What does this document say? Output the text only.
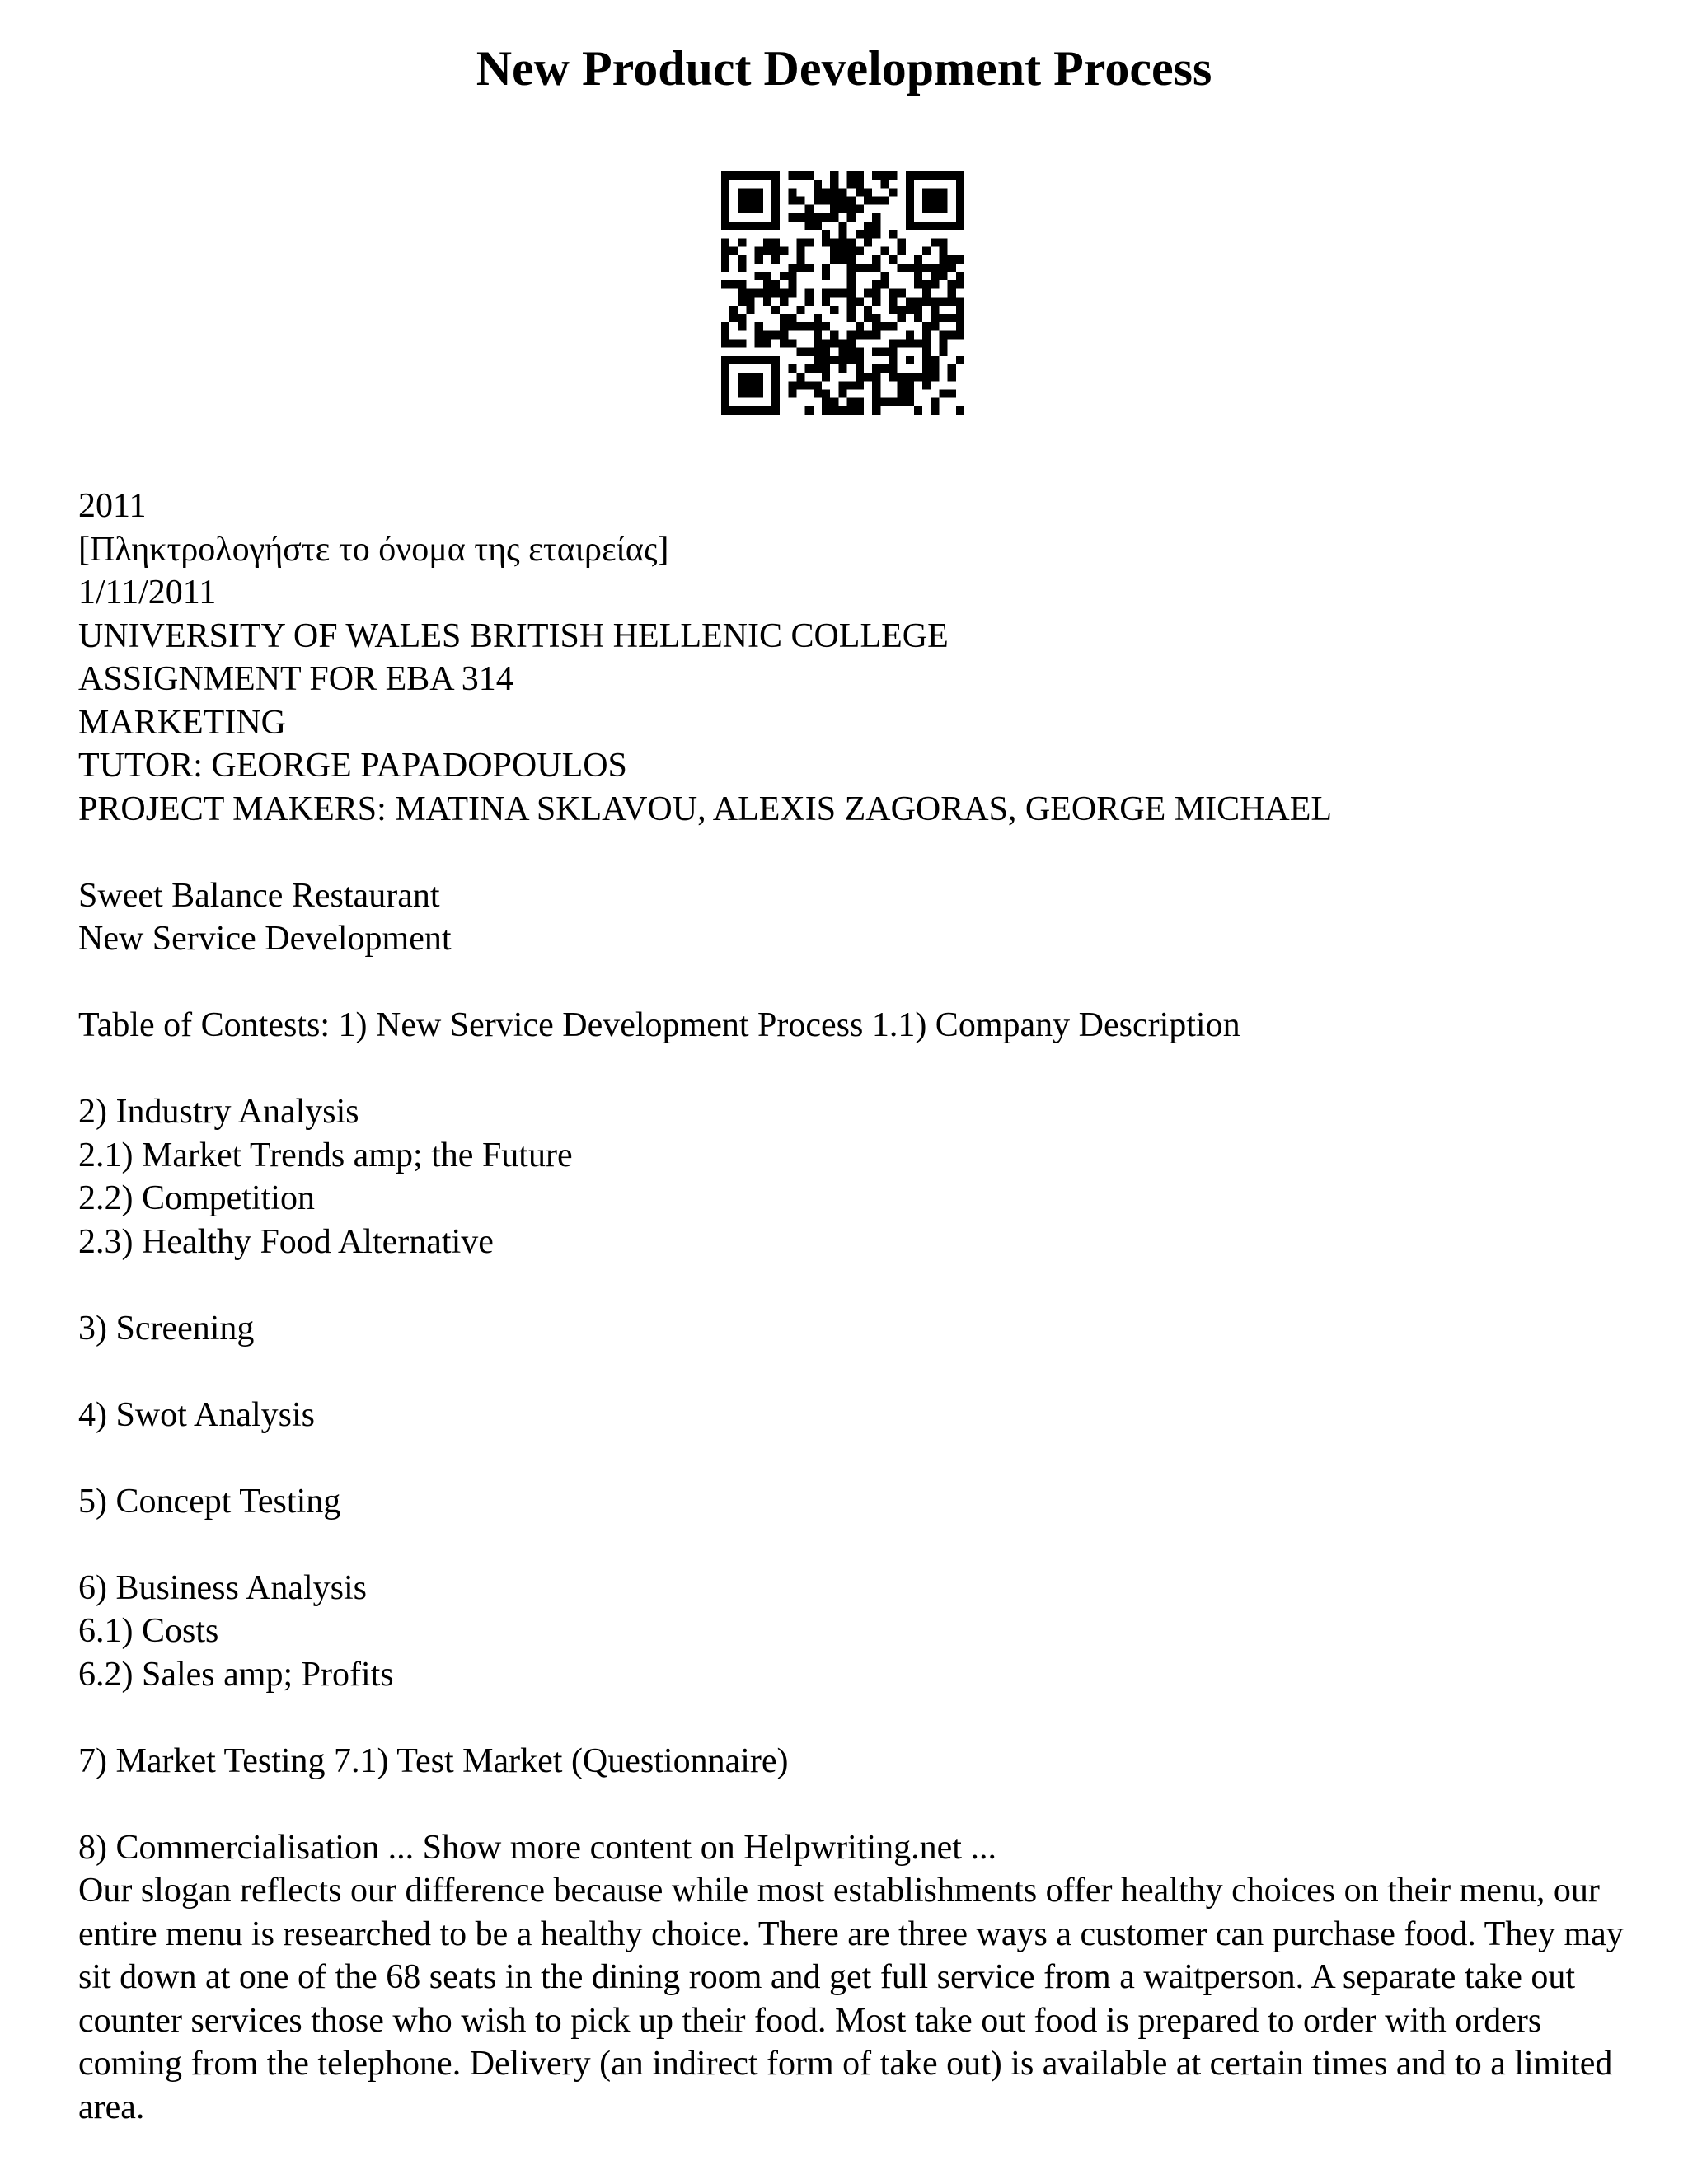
New Product Development Process
2011
[Πληκτρολογήστε το όνομα της εταιρείας]
1/11/2011
UNIVERSITY OF WALES BRITISH HELLENIC COLLEGE
ASSIGNMENT FOR EBA 314
MARKETING
TUTOR: GEORGE PAPADOPOULOS
PROJECT MAKERS: MATINA SKLAVOU, ALEXIS ZAGORAS, GEORGE MICHAEL
Sweet Balance Restaurant
New Service Development
Table of Contests: 1) New Service Development Process 1.1) Company Description
2) Industry Analysis
2.1) Market Trends amp; the Future
2.2) Competition
2.3) Healthy Food Alternative
3) Screening
4) Swot Analysis
5) Concept Testing
6) Business Analysis
6.1) Costs
6.2) Sales amp; Profits
7) Market Testing 7.1) Test Market (Questionnaire)
8) Commercialisation ... Show more content on Helpwriting.net ...
Our slogan reflects our difference because while most establishments offer healthy choices on their menu, our entire menu is researched to be a healthy choice. There are three ways a customer can purchase food. They may sit down at one of the 68 seats in the dining room and get full service from a waitperson. A separate take out counter services those who wish to pick up their food. Most take out food is prepared to order with orders coming from the telephone. Delivery (an indirect form of take out) is available at certain times and to a limited area.
